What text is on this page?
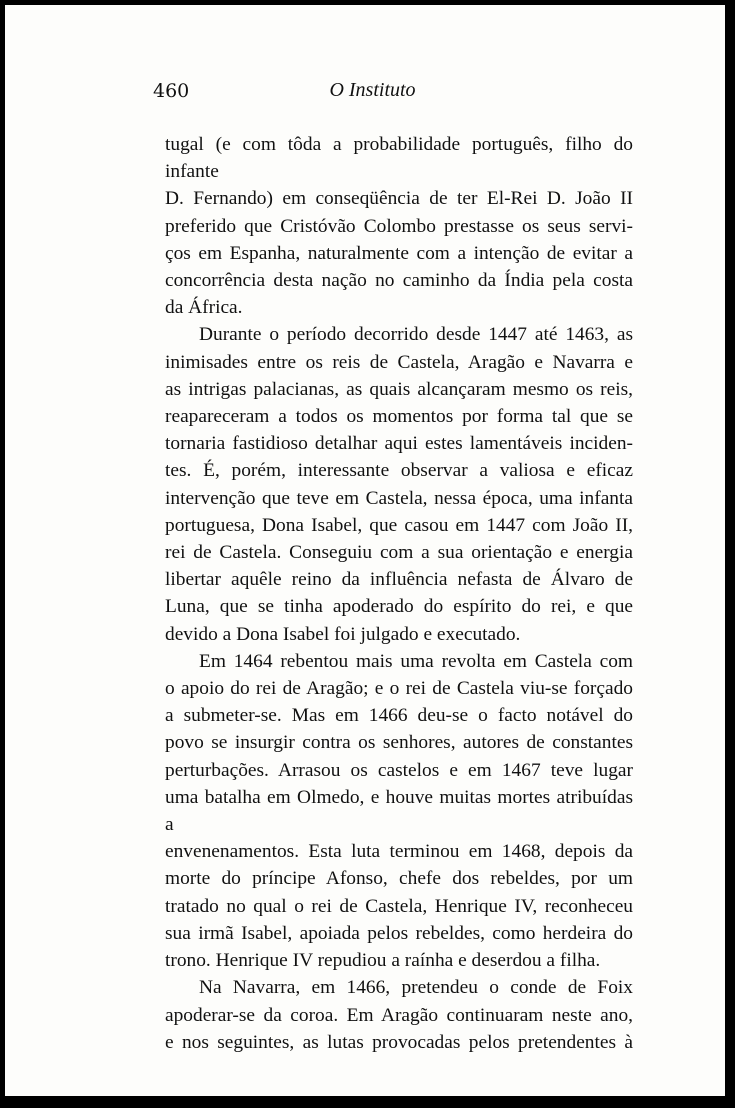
460	O Instituto

tugal (e com tôda a probabilidade português, filho do infante
D. Fernando) em conseqüência de ter El-Rei D. João II
preferido que Cristóvão Colombo prestasse os seus servi-
ços em Espanha, naturalmente com a intenção de evitar a
concorrência desta nação no caminho da Índia pela costa
da África.

Durante o período decorrido desde 1447 até 1463, as
inimisades entre os reis de Castela, Aragão e Navarra e
as intrigas palacianas, as quais alcançaram mesmo os reis,
reapareceram a todos os momentos por forma tal que se
tornaria fastidioso detalhar aqui estes lamentáveis inciden-
tes. É, porém, interessante observar a valiosa e eficaz
intervenção que teve em Castela, nessa época, uma infanta
portuguesa, Dona Isabel, que casou em 1447 com João II,
rei de Castela. Conseguiu com a sua orientação e energia
libertar aquêle reino da influência nefasta de Álvaro de
Luna, que se tinha apoderado do espírito do rei, e que
devido a Dona Isabel foi julgado e executado.

Em 1464 rebentou mais uma revolta em Castela com
o apoio do rei de Aragão; e o rei de Castela viu-se forçado
a submeter-se. Mas em 1466 deu-se o facto notável do
povo se insurgir contra os senhores, autores de constantes
perturbações. Arrasou os castelos e em 1467 teve lugar
uma batalha em Olmedo, e houve muitas mortes atribuídas a
envenenamentos. Esta luta terminou em 1468, depois da
morte do príncipe Afonso, chefe dos rebeldes, por um
tratado no qual o rei de Castela, Henrique IV, reconheceu
sua irmã Isabel, apoiada pelos rebeldes, como herdeira do
trono. Henrique IV repudiou a raínha e deserdou a filha.

Na Navarra, em 1466, pretendeu o conde de Foix
apoderar-se da coroa. Em Aragão continuaram neste ano,
e nos seguintes, as lutas provocadas pelos pretendentes à
